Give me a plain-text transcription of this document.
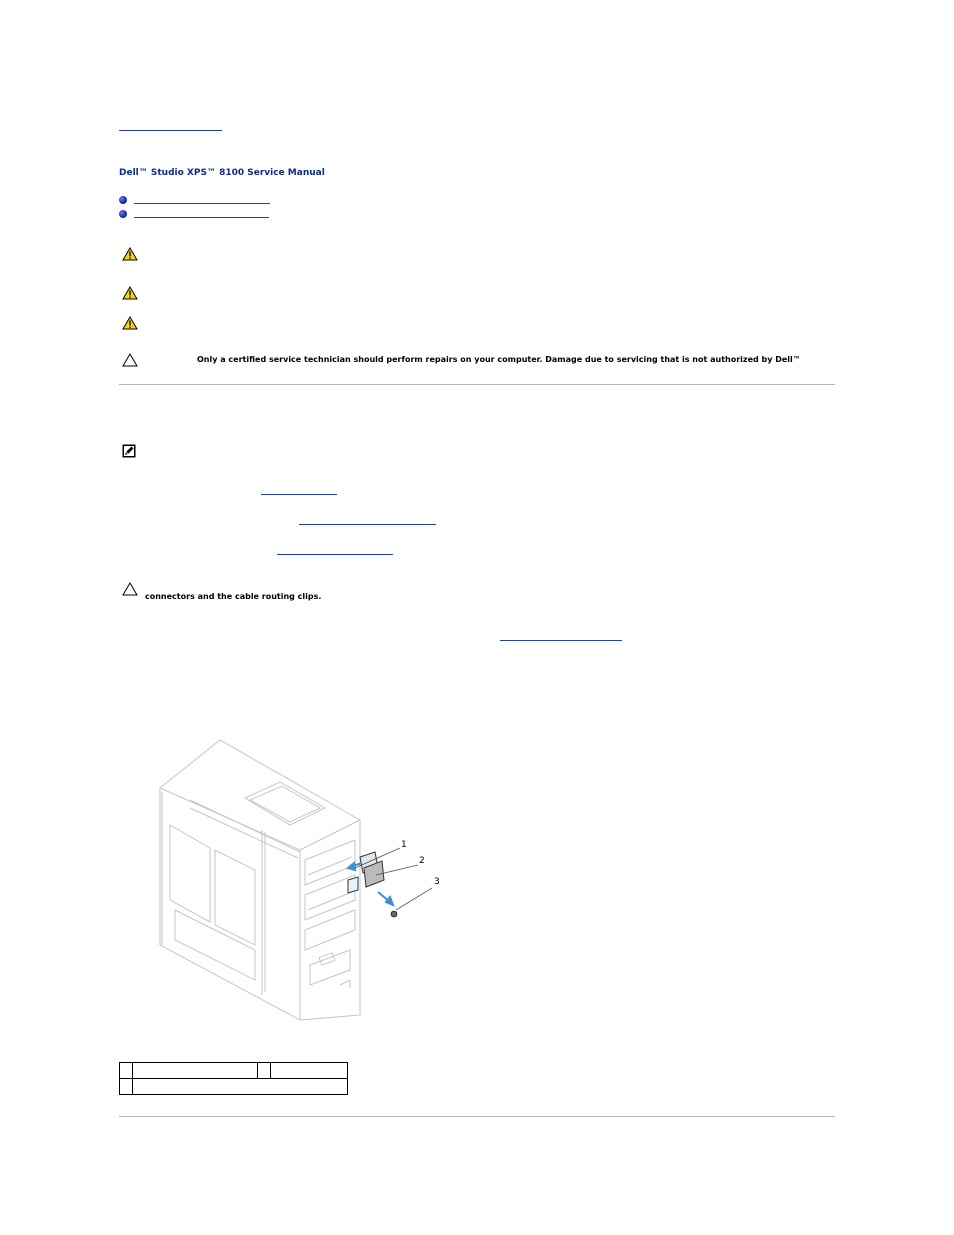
Dell™ Studio XPS™ 8100 Service Manual
Only a certified service technician should perform repairs on your computer. Damage due to servicing that is not authorized by Dell™
connectors and the cable routing clips.
1
2
3
